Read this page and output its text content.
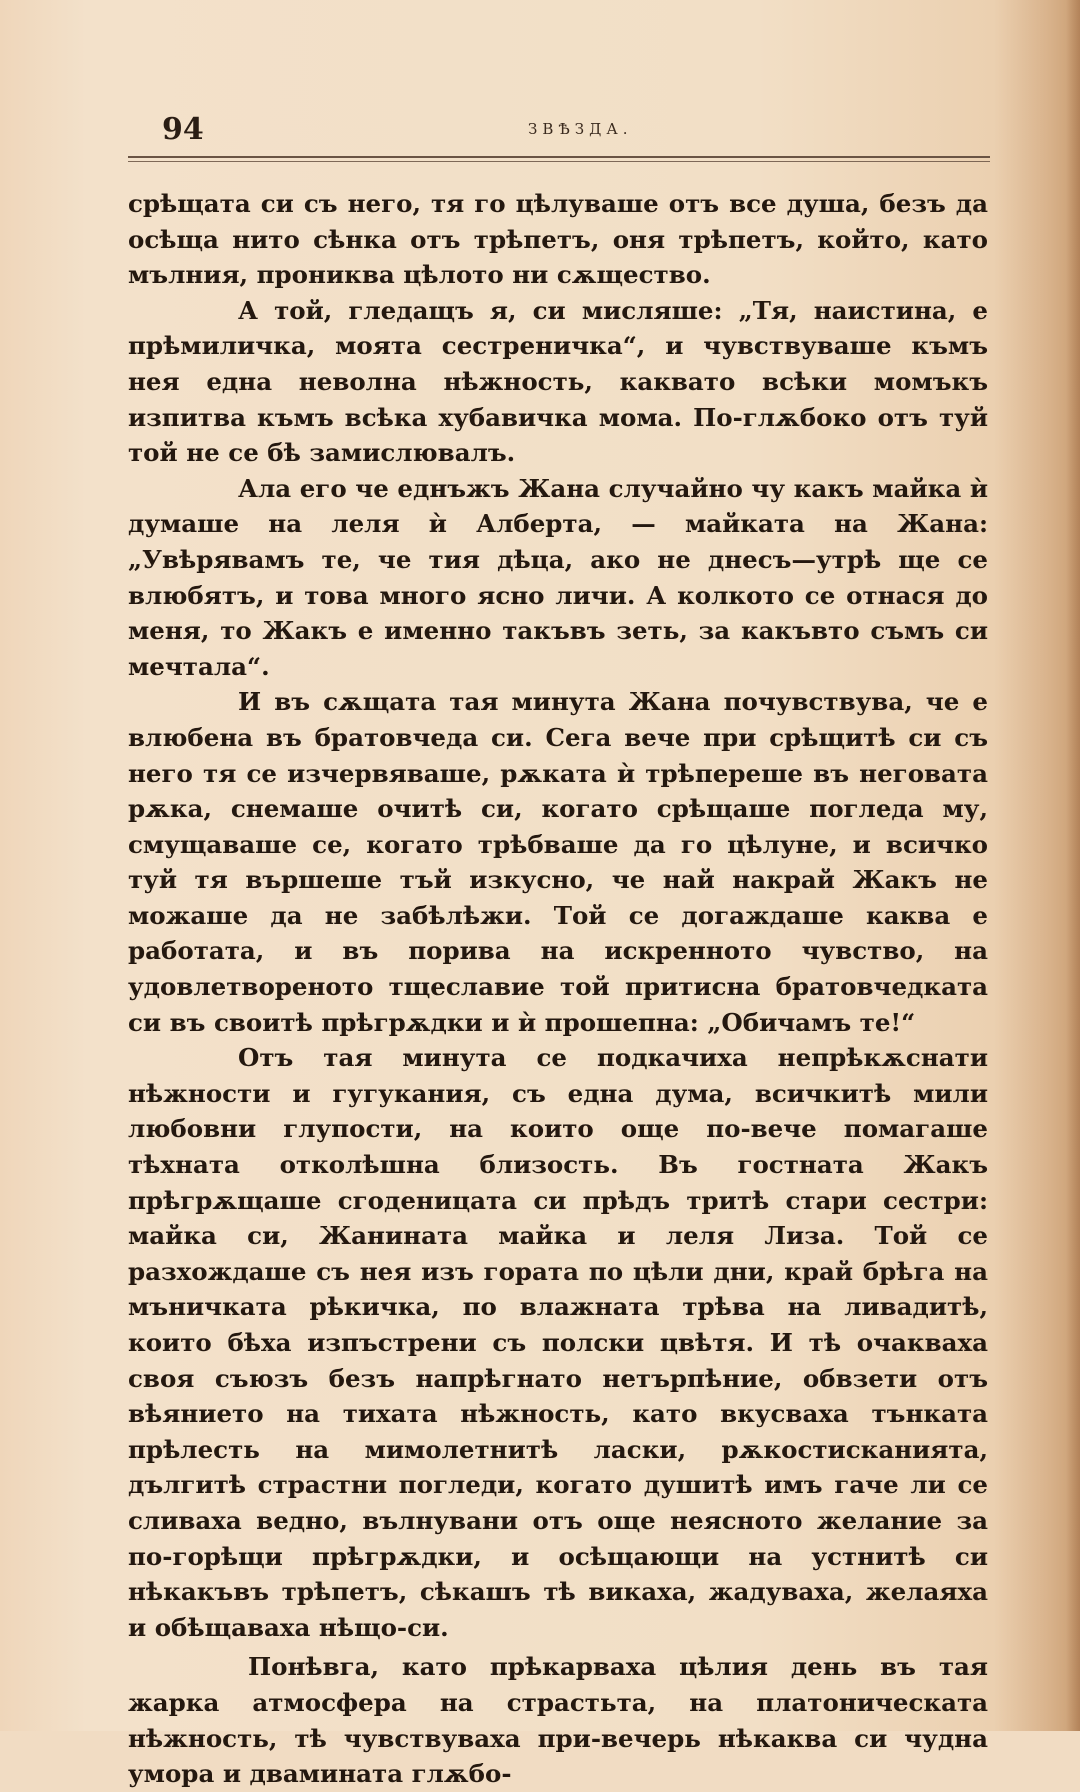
94	ЗВѢЗДА.

срѣщата си съ него, тя го цѣлуваше отъ все душа, безъ да осѣща нито сѣнка отъ трѣпетъ, оня трѣпетъ, който, като мълния, прониква цѣлото ни сѫщество.

А той, гледащъ я, си мисляше: „Тя, наистина, е прѣмиличка, моята сестреничка“, и чувствуваше къмъ нея една неволна нѣжность, каквато всѣки момъкъ изпитва къмъ всѣка хубавичка мома. По-глѫбоко отъ туй той не се бѣ замислювалъ.

Ала его че еднъжъ Жана случайно чу какъ майка ѝ думаше на леля ѝ Алберта, — майката на Жана: „Увѣрявамъ те, че тия дѣца, ако не днесъ—утрѣ ще се влюбятъ, и това много ясно личи. А колкото се отнася до меня, то Жакъ е именно такъвъ зеть, за какъвто съмъ си мечтала“.

И въ сѫщата тая минута Жана почувствува, че е влюбена въ братовчеда си. Сега вече при срѣщитѣ си съ него тя се изчервяваше, рѫката ѝ трѣпереше въ неговата рѫка, снемаше очитѣ си, когато срѣщаше погледа му, смущаваше се, когато трѣбваше да го цѣлуне, и всичко туй тя вършеше тъй изкусно, че най накрай Жакъ не можаше да не забѣлѣжи. Той се догаждаше каква е работата, и въ порива на искренното чувство, на удовлетвореното тщеславие той притисна братовчедката си въ своитѣ прѣгрѫдки и ѝ прошепна: „Обичамъ те!“

Отъ тая минута се подкачиха непрѣкѫснати нѣжности и гугукания, съ една дума, всичкитѣ мили любовни глупости, на които още по-вече помагаше тѣхната отколѣшна близость. Въ гостната Жакъ прѣгрѫщаше сгоденицата си прѣдъ тритѣ стари сестри: майка си, Жанината майка и леля Лиза. Той се разхождаше съ нея изъ гората по цѣли дни, край брѣга на мъничката рѣкичка, по влажната трѣва на ливадитѣ, които бѣха изпъстрени съ полски цвѣтя. И тѣ очакваха своя съюзъ безъ напрѣгнато нетърпѣние, обвзети отъ вѣянието на тихата нѣжность, като вкусваха тънката прѣлесть на мимолетнитѣ ласки, рѫкостисканията, дългитѣ страстни погледи, когато душитѣ имъ гаче ли се сливаха ведно, вълнувани отъ още неясното желание за по-горѣщи прѣгрѫдки, и осѣщающи на устнитѣ си нѣкакъвъ трѣпетъ, сѣкашъ тѣ викаха, жадуваха, желаяха и обѣщаваха нѣщо-си.

Понѣвга, като прѣкарваха цѣлия день въ тая жарка атмосфера на страстьта, на платоническата нѣжность, тѣ чувствуваха при-вечерь нѣкаква си чудна умора и дваминатa глѫбо-
